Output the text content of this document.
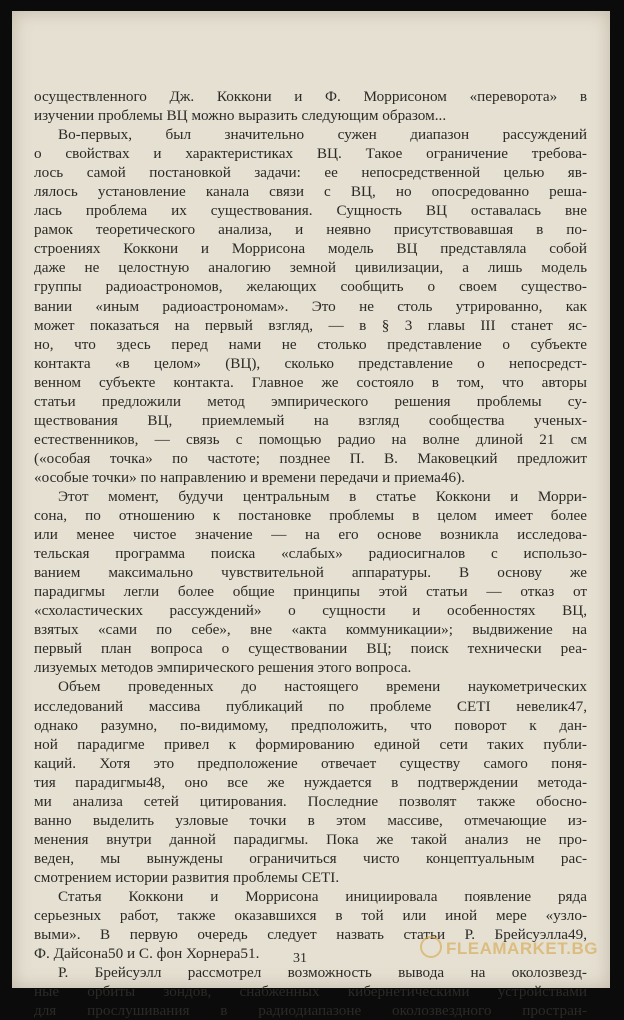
осуществленного Дж. Коккони и Ф. Моррисоном «переворота» в
изучении проблемы ВЦ можно выразить следующим образом...
Во-первых, был значительно сужен диапазон рассуждений
о свойствах и характеристиках ВЦ. Такое ограничение требова-
лось самой постановкой задачи: ее непосредственной целью яв-
лялось установление канала связи с ВЦ, но опосредованно реша-
лась проблема их существования. Сущность ВЦ оставалась вне
рамок теоретического анализа, и неявно присутствовавшая в по-
строениях Коккони и Моррисона модель ВЦ представляла собой
даже не целостную аналогию земной цивилизации, а лишь модель
группы радиоастрономов, желающих сообщить о своем существо-
вании «иным радиоастрономам». Это не столь утрированно, как
может показаться на первый взгляд, — в § 3 главы III станет яс-
но, что здесь перед нами не столько представление о субъекте
контакта «в целом» (ВЦ), сколько представление о непосредст-
венном субъекте контакта. Главное же состояло в том, что авторы
статьи предложили метод эмпирического решения проблемы су-
ществования ВЦ, приемлемый на взгляд сообщества ученых-
естественников, — связь с помощью радио на волне длиной 21 см
(«особая точка» по частоте; позднее П. В. Маковецкий предложит
«особые точки» по направлению и времени передачи и приема46).
Этот момент, будучи центральным в статье Коккони и Морри-
сона, по отношению к постановке проблемы в целом имеет более
или менее чистое значение — на его основе возникла исследова-
тельская программа поиска «слабых» радиосигналов с использо-
ванием максимально чувствительной аппаратуры. В основу же
парадигмы легли более общие принципы этой статьи — отказ от
«схоластических рассуждений» о сущности и особенностях ВЦ,
взятых «сами по себе», вне «акта коммуникации»; выдвижение на
первый план вопроса о существовании ВЦ; поиск технически реа-
лизуемых методов эмпирического решения этого вопроса.
Объем проведенных до настоящего времени наукометрических
исследований массива публикаций по проблеме CETI невелик47,
однако разумно, по-видимому, предположить, что поворот к дан-
ной парадигме привел к формированию единой сети таких публи-
каций. Хотя это предположение отвечает существу самого поня-
тия парадигмы48, оно все же нуждается в подтверждении метода-
ми анализа сетей цитирования. Последние позволят также обосно-
ванно выделить узловые точки в этом массиве, отмечающие из-
менения внутри данной парадигмы. Пока же такой анализ не про-
веден, мы вынуждены ограничиться чисто концептуальным рас-
смотрением истории развития проблемы CETI.
Статья Коккони и Моррисона инициировала появление ряда
серьезных работ, также оказавшихся в той или иной мере «узло-
выми». В первую очередь следует назвать статьи Р. Брейсуэлла49,
Ф. Дайсона50 и С. фон Хорнера51.
Р. Брейсуэлл рассмотрел возможность вывода на околозвезд-
ные орбиты зондов, снабженных кибернетическими устройствами
для прослушивания в радиодиапазоне околозвездного простран-
31
FLEAMARKET.BG
